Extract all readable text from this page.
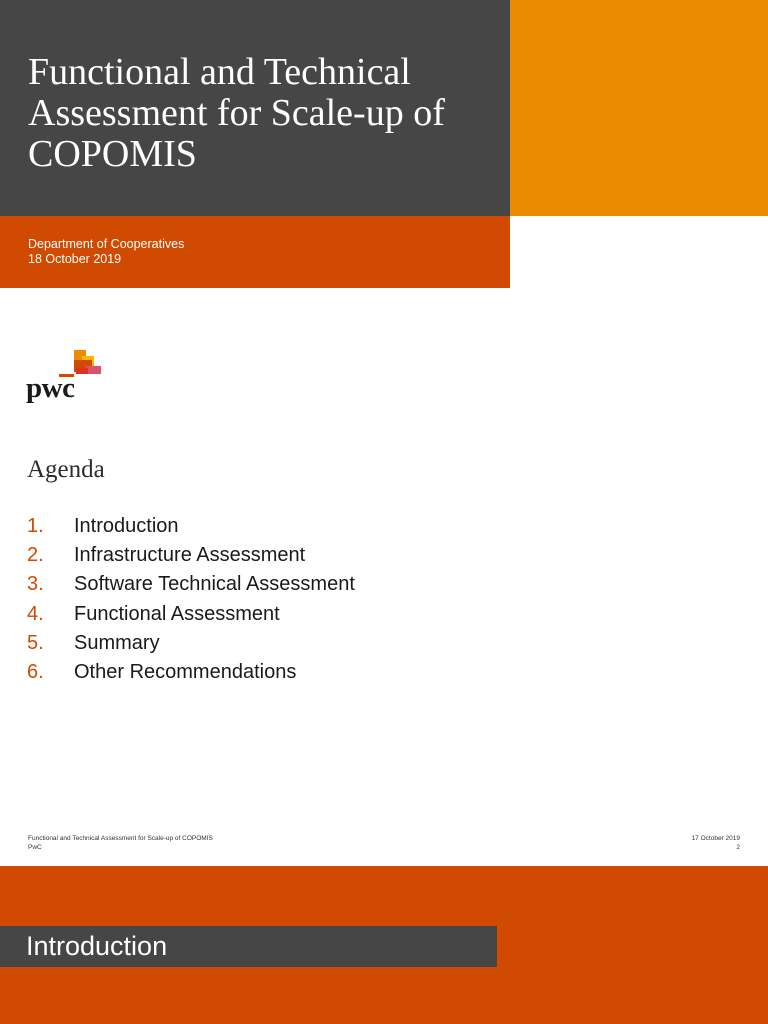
Functional and Technical Assessment for Scale-up of COPOMIS
Department of Cooperatives
18 October 2019
pwc
Agenda
1. Introduction
2. Infrastructure Assessment
3. Software Technical Assessment
4. Functional Assessment
5. Summary
6. Other Recommendations
Functional and Technical Assessment for Scale-up of COPOMIS
PwC
17 October 2019
2
Introduction
